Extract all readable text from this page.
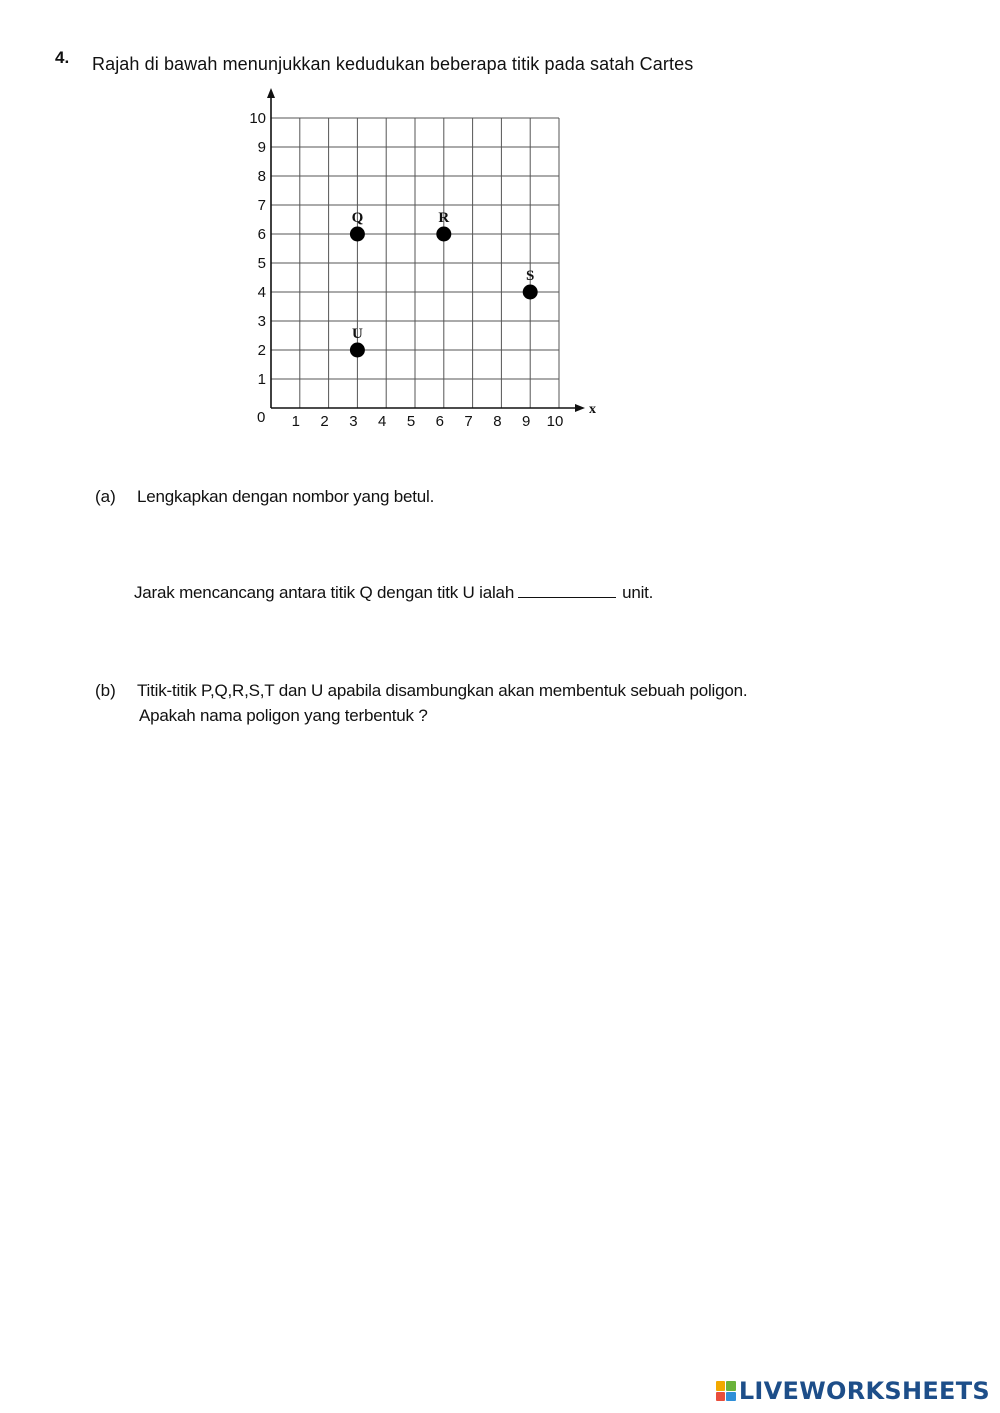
4. Rajah di bawah menunjukkan kedudukan beberapa titik pada satah Cartes
x
0 1 2 3 4 5 6 7 8 9 10
1
2
3
4
5
6
7
8
9
10
Q	R
S
U
(a) Lengkapkan dengan nombor yang betul.
Jarak mencancang antara titik Q dengan titk U ialah	unit.
(b) Titik-titik P,Q,R,S,T dan U apabila disambungkan akan membentuk sebuah poligon.
Apakah nama poligon yang terbentuk ?
LIVEWORKSHEETS
